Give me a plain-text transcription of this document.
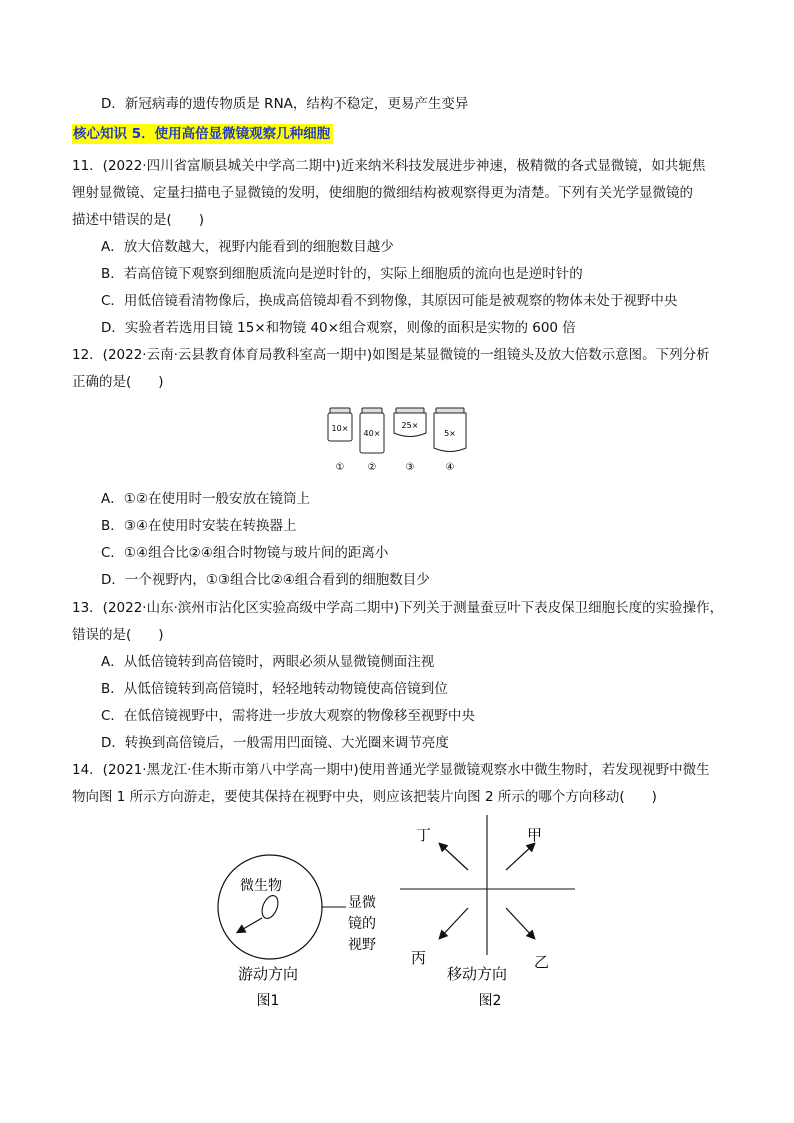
D．新冠病毒的遗传物质是 RNA，结构不稳定，更易产生变异
核心知识 5．使用高倍显微镜观察几种细胞
11．(2022·四川省富顺县城关中学高二期中)近来纳米科技发展进步神速，极精微的各式显微镜，如共轭焦
锂射显微镜、定量扫描电子显微镜的发明，使细胞的微细结构被观察得更为清楚。下列有关光学显微镜的
描述中错误的是(　　)
A．放大倍数越大，视野内能看到的细胞数目越少
B．若高倍镜下观察到细胞质流向是逆时针的，实际上细胞质的流向也是逆时针的
C．用低倍镜看清物像后，换成高倍镜却看不到物像，其原因可能是被观察的物体未处于视野中央
D．实验者若选用目镜 15×和物镜 40×组合观察，则像的面积是实物的 600 倍
12．(2022·云南·云县教育体育局教科室高一期中)如图是某显微镜的一组镜头及放大倍数示意图。下列分析
正确的是(　　)
10×
40×
25×
5×
① ②	③	④
A．①②在使用时一般安放在镜筒上
B．③④在使用时安装在转换器上
C．①④组合比②④组合时物镜与玻片间的距离小
D．一个视野内，①③组合比②④组合看到的细胞数目少
13．(2022·山东·滨州市沾化区实验高级中学高二期中)下列关于测量蚕豆叶下表皮保卫细胞长度的实验操作，
错误的是(　　)
A．从低倍镜转到高倍镜时，两眼必须从显微镜侧面注视
B．从低倍镜转到高倍镜时，轻轻地转动物镜使高倍镜到位
C．在低倍镜视野中，需将进一步放大观察的物像移至视野中央
D．转换到高倍镜后，一般需用凹面镜、大光圈来调节亮度
14．(2021·黑龙江·佳木斯市第八中学高一期中)使用普通光学显微镜观察水中微生物时，若发现视野中微生
物向图 1 所示方向游走，要使其保持在视野中央，则应该把装片向图 2 所示的哪个方向移动(　　)
微生物
显微
镜的
视野
游动方向
图1
丁	甲
丙	乙
移动方向
图2
